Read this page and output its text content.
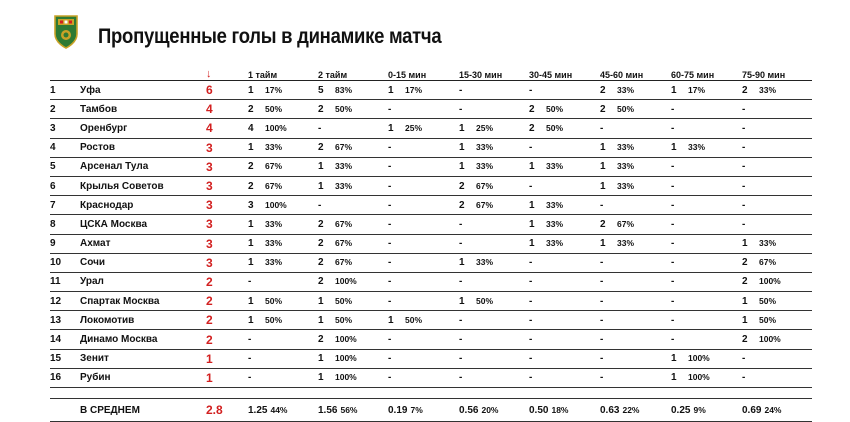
Пропущенные голы в динамике матча
		↓	1 тайм	2 тайм	0-15 мин	15-30 мин	30-45 мин	45-60 мин	60-75 мин	75-90 мин
1	Уфа	6	1 17%	5 83%	1 17%	-	-	2 33%	1 17%	2 33%
2	Тамбов	4	2 50%	2 50%	-	-	2 50%	2 50%	-	-
3	Оренбург	4	4 100%	-	1 25%	1 25%	2 50%	-	-	-
4	Ростов	3	1 33%	2 67%	-	1 33%	-	1 33%	1 33%	-
5	Арсенал Тула	3	2 67%	1 33%	-	1 33%	1 33%	1 33%	-	-
6	Крылья Советов	3	2 67%	1 33%	-	2 67%	-	1 33%	-	-
7	Краснодар	3	3 100%	-	-	2 67%	1 33%	-	-	-
8	ЦСКА Москва	3	1 33%	2 67%	-	-	1 33%	2 67%	-	-
9	Ахмат	3	1 33%	2 67%	-	-	1 33%	1 33%	-	1 33%
10	Сочи	3	1 33%	2 67%	-	1 33%	-	-	-	2 67%
11	Урал	2	-	2 100%	-	-	-	-	-	2 100%
12	Спартак Москва	2	1 50%	1 50%	-	1 50%	-	-	-	1 50%
13	Локомотив	2	1 50%	1 50%	1 50%	-	-	-	-	1 50%
14	Динамо Москва	2	-	2 100%	-	-	-	-	-	2 100%
15	Зенит	1	-	1 100%	-	-	-	-	1 100%	-
16	Рубин	1	-	1 100%	-	-	-	-	1 100%	-

	В СРЕДНЕМ	2.8	1.25 44%	1.56 56%	0.19 7%	0.56 20%	0.50 18%	0.63 22%	0.25 9%	0.69 24%
